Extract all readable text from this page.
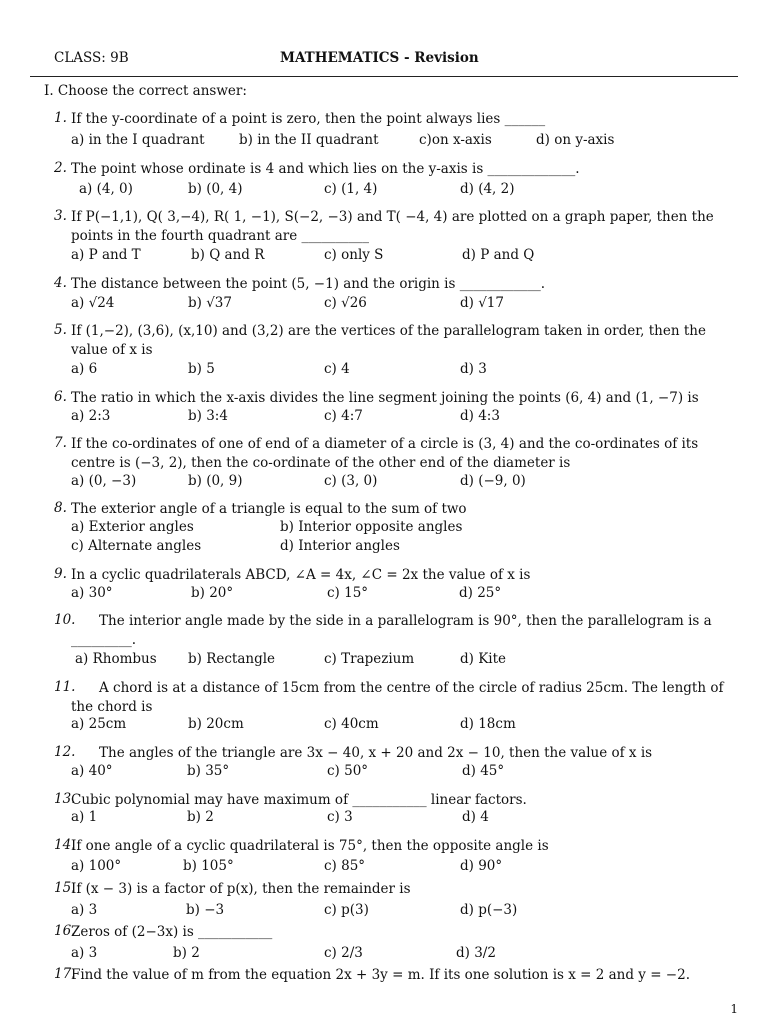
CLASS: 9B	MATHEMATICS - Revision
I. Choose the correct answer:
1. If the y-coordinate of a point is zero, then the point always lies ______
a) in the I quadrant	b) in the II quadrant	c)on x-axis	d) on y-axis
2. The point whose ordinate is 4 and which lies on the y-axis is _____________.
a) (4, 0)	b) (0, 4)	c) (1, 4)	d) (4, 2)
3. If P(−1,1), Q( 3,−4), R( 1, −1), S(−2, −3) and T( −4, 4) are plotted on a graph paper, then the points in the fourth quadrant are __________
a) P and T	b) Q and R	c) only S	d) P and Q
4. The distance between the point (5, −1) and the origin is ____________.
a) √24	b) √37	c) √26	d) √17
5. If (1,−2), (3,6), (x,10) and (3,2) are the vertices of the parallelogram taken in order, then the value of x is
a) 6	b) 5	c) 4	d) 3
6. The ratio in which the x-axis divides the line segment joining the points (6, 4) and (1, −7) is
a) 2:3	b) 3:4	c) 4:7	d) 4:3
7. If the co-ordinates of one of end of a diameter of a circle is (3, 4) and the co-ordinates of its centre is (−3, 2), then the co-ordinate of the other end of the diameter is
a) (0, −3)	b) (0, 9)	c) (3, 0)	d) (−9, 0)
8. The exterior angle of a triangle is equal to the sum of two
a) Exterior angles	b) Interior opposite angles
c) Alternate angles	d) Interior angles
9. In a cyclic quadrilaterals ABCD, ∠A = 4x, ∠C = 2x the value of x is
a) 30°	b) 20°	c) 15°	d) 25°
10.	The interior angle made by the side in a parallelogram is 90°, then the parallelogram is a _________.
a) Rhombus b) Rectangle	c) Trapezium	d) Kite
11.	A chord is at a distance of 15cm from the centre of the circle of radius 25cm. The length of the chord is
a) 25cm	b) 20cm	c) 40cm	d) 18cm
12.	The angles of the triangle are 3x − 40, x + 20 and 2x − 10, then the value of x is
a) 40°	b) 35°	c) 50°	d) 45°
13.
Cubic polynomial may have maximum of ___________ linear factors.
a) 1	b) 2	c) 3	d) 4
14.
If one angle of a cyclic quadrilateral is 75°, then the opposite angle is
a) 100°	b) 105°	c) 85°	d) 90°
15.
If (x − 3) is a factor of p(x), then the remainder is
a) 3	b) −3	c) p(3)	d) p(−3)
16.
Zeros of (2−3x) is ___________
a) 3	b) 2	c) 2/3	d) 3/2
17.
Find the value of m from the equation 2x + 3y = m. If its one solution is x = 2 and y = −2.
1
